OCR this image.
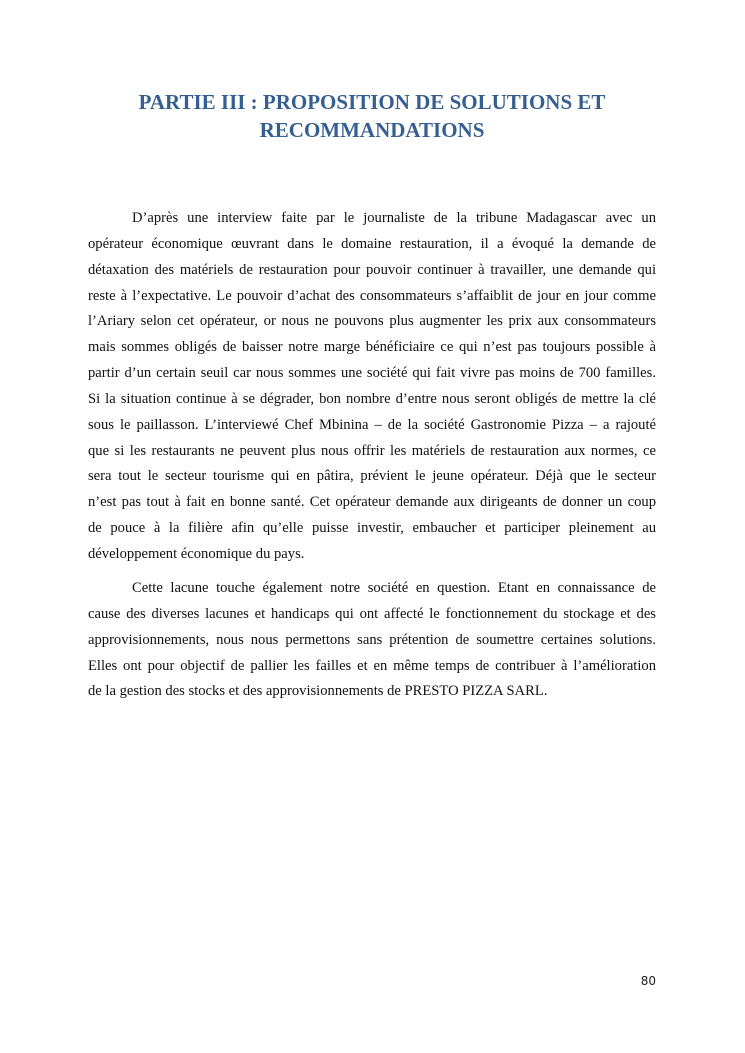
PARTIE III : PROPOSITION DE SOLUTIONS ET
RECOMMANDATIONS
D’après une interview faite par le journaliste de la tribune Madagascar avec un
opérateur économique œuvrant dans le domaine restauration, il a évoqué la demande de
détaxation des matériels de restauration pour pouvoir continuer à travailler, une demande qui
reste à l’expectative. Le pouvoir d’achat des consommateurs s’affaiblit de jour en jour comme
l’Ariary selon cet opérateur, or nous ne pouvons plus augmenter les prix aux consommateurs
mais sommes obligés de baisser notre marge bénéficiaire ce qui n’est pas toujours possible à
partir d’un certain seuil car nous sommes une société qui fait vivre pas moins de 700 familles.
Si la situation continue à se dégrader, bon nombre d’entre nous seront obligés de mettre la clé
sous le paillasson. L’interviewé Chef Mbinina – de la société Gastronomie Pizza – a rajouté
que si les restaurants ne peuvent plus nous offrir les matériels de restauration aux normes, ce
sera tout le secteur tourisme qui en pâtira, prévient le jeune opérateur. Déjà que le secteur
n’est pas tout à fait en bonne santé. Cet opérateur demande aux dirigeants de donner un coup
de pouce à la filière afin qu’elle puisse investir, embaucher et participer pleinement au
développement économique du pays.
Cette lacune touche également notre société en question. Etant en connaissance de
cause des diverses lacunes et handicaps qui ont affecté le fonctionnement du stockage et des
approvisionnements, nous nous permettons sans prétention de soumettre certaines solutions.
Elles ont pour objectif de pallier les failles et en même temps de contribuer à l’amélioration
de la gestion des stocks et des approvisionnements de PRESTO PIZZA SARL.
80
